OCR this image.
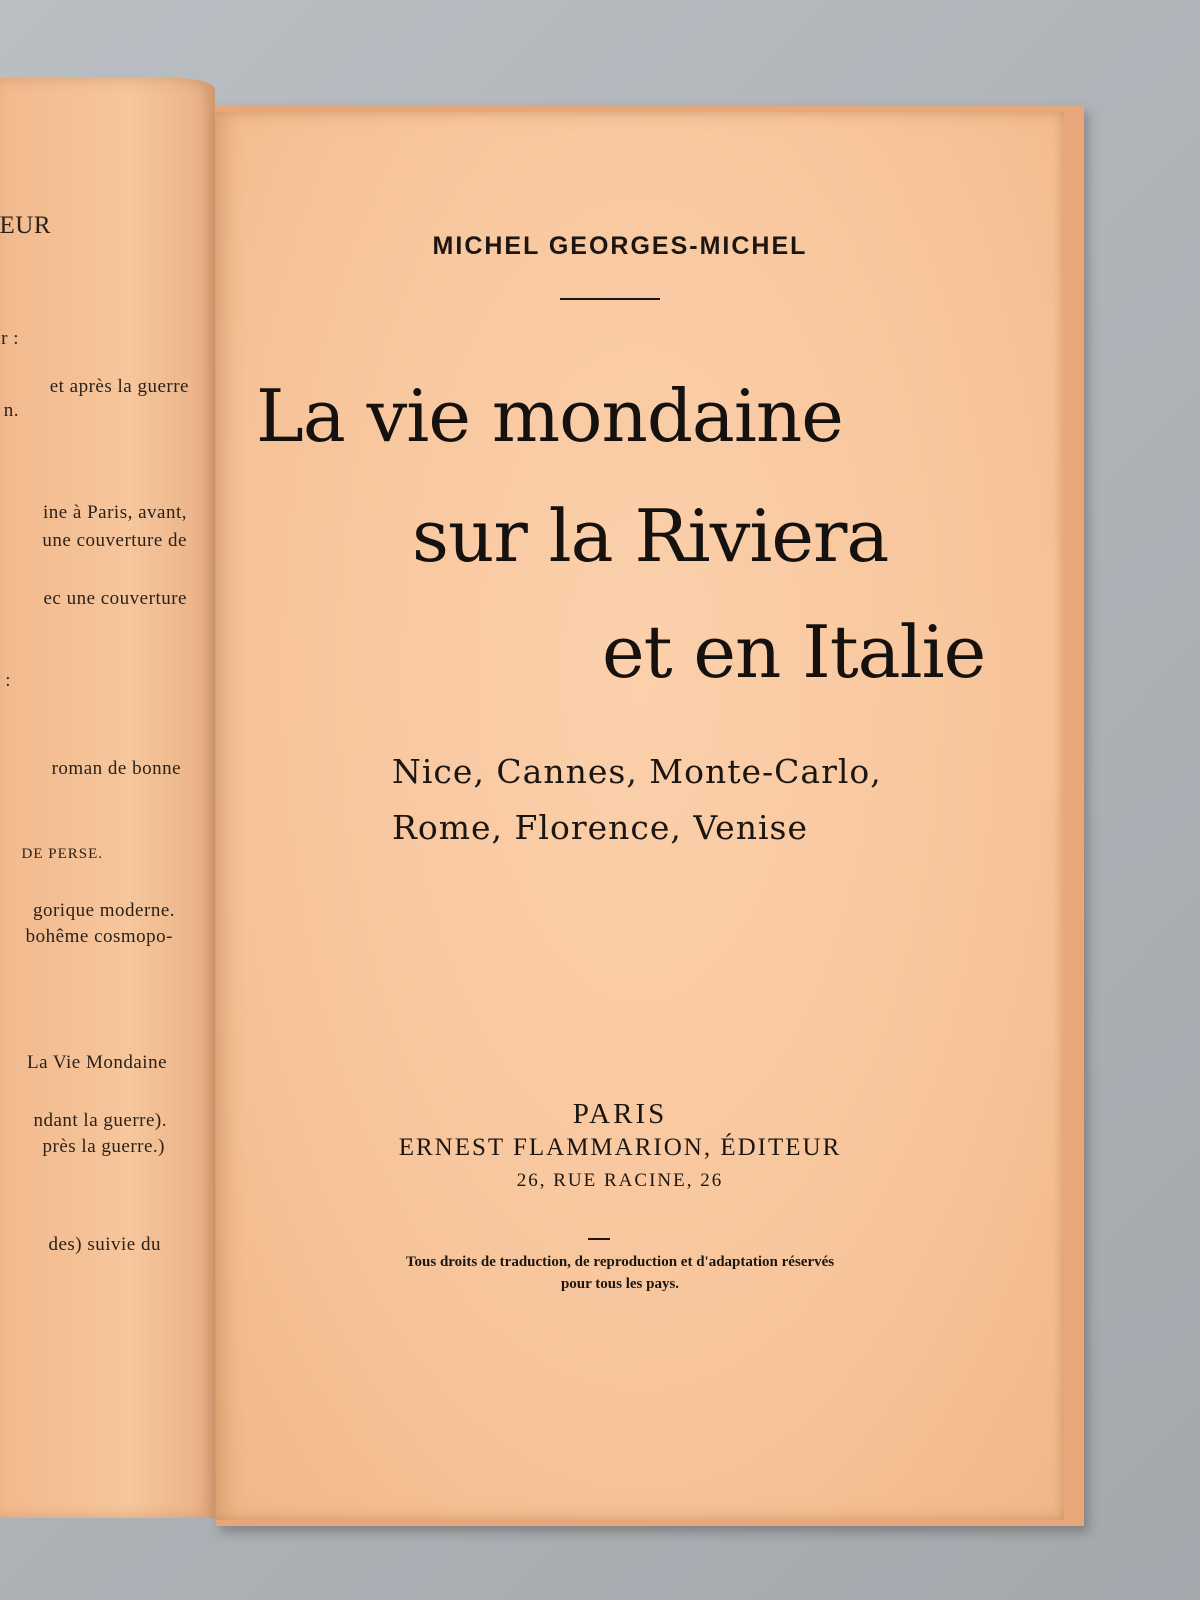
EUR
r :
et après la guerre
n.
ine à Paris, avant,
une couverture de
ec une couverture
:
roman de bonne
DE PERSE.
gorique moderne.
bohême cosmopo-
La Vie Mondaine
ndant la guerre).
près la guerre.)
des) suivie du

MICHEL GEORGES-MICHEL

La vie mondaine
sur la Riviera
et en Italie
Nice, Cannes, Monte-Carlo,
Rome, Florence, Venise

PARIS

ERNEST FLAMMARION, ÉDITEUR

26, RUE RACINE, 26

Tous droits de traduction, de reproduction et d'adaptation réservés

pour tous les pays.
